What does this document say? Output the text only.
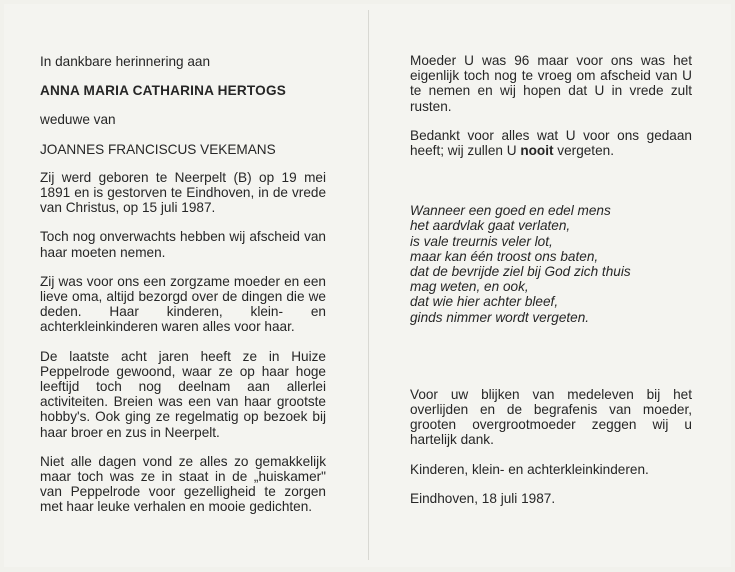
In dankbare herinnering aan

ANNA MARIA CATHARINA HERTOGS

weduwe van

JOANNES FRANCISCUS VEKEMANS

Zij werd geboren te Neerpelt (B) op 19 mei 1891 en is gestorven te Eindhoven, in de vrede van Christus, op 15 juli 1987.

Toch nog onverwachts hebben wij afscheid van haar moeten nemen.

Zij was voor ons een zorgzame moeder en een lieve oma, altijd bezorgd over de dingen die we deden. Haar kinderen, klein- en achterkleinkinderen waren alles voor haar.

De laatste acht jaren heeft ze in Huize Peppelrode gewoond, waar ze op haar hoge leeftijd toch nog deelnam aan allerlei activiteiten. Breien was een van haar grootste hobby's. Ook ging ze regelmatig op bezoek bij haar broer en zus in Neerpelt.

Niet alle dagen vond ze alles zo gemakkelijk maar toch was ze in staat in de „huiskamer" van Peppelrode voor gezelligheid te zorgen met haar leuke verhalen en mooie gedichten.

Moeder U was 96 maar voor ons was het eigenlijk toch nog te vroeg om afscheid van U te nemen en wij hopen dat U in vrede zult rusten.

Bedankt voor alles wat U voor ons gedaan heeft; wij zullen U nooit vergeten.

Wanneer een goed en edel mens
het aardvlak gaat verlaten,
is vale treurnis veler lot,
maar kan één troost ons baten,
dat de bevrijde ziel bij God zich thuis
mag weten, en ook,
dat wie hier achter bleef,
ginds nimmer wordt vergeten.

Voor uw blijken van medeleven bij het overlijden en de begrafenis van moeder, grooten overgrootmoeder zeggen wij u hartelijk dank.

Kinderen, klein- en achterkleinkinderen.

Eindhoven, 18 juli 1987.
